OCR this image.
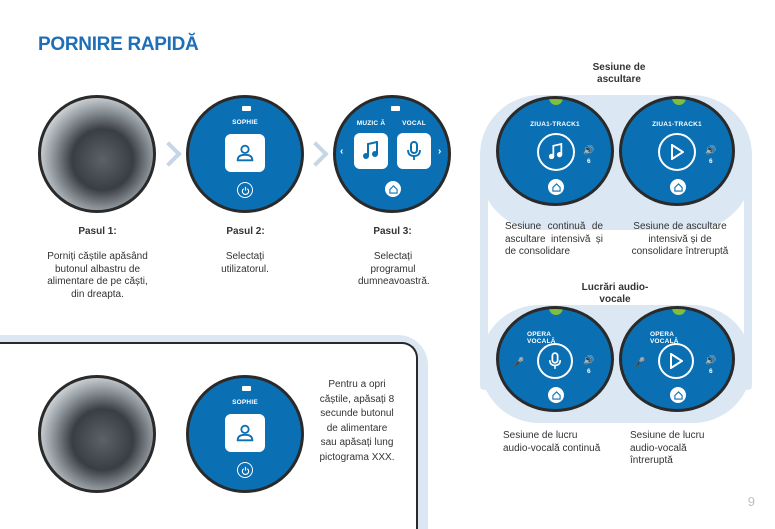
PORNIRE RAPIDĂ
SOPHIE	MUZIC Ă	VOCAL
‹	›
Pasul 1:
Porniți căștile apăsând butonul albastru de alimentare de pe căști, din dreapta.
Pasul 2:
Selectați utilizatorul.
Pasul 3:
Selectați programul dumneavoastră.
Sesiune de ascultare
ZIUA1-TRACK1
🔊
6
ZIUA1-TRACK1
🔊
6
Sesiune continuă de ascultare intensivă și de consolidare
Sesiune de ascultare intensivă și de consolidare întreruptă
Lucrări audio-vocale
OPERA VOCALĂ
🎤	🔊
6
OPERA VOCALĂ
🎤	🔊
6
Sesiune de lucru audio-vocală continuă
Sesiune de lucru audio-vocală întreruptă
SOPHIE
Pentru a opri căștile, apăsați 8 secunde butonul de alimentare sau apăsați lung pictograma XXX.
9
